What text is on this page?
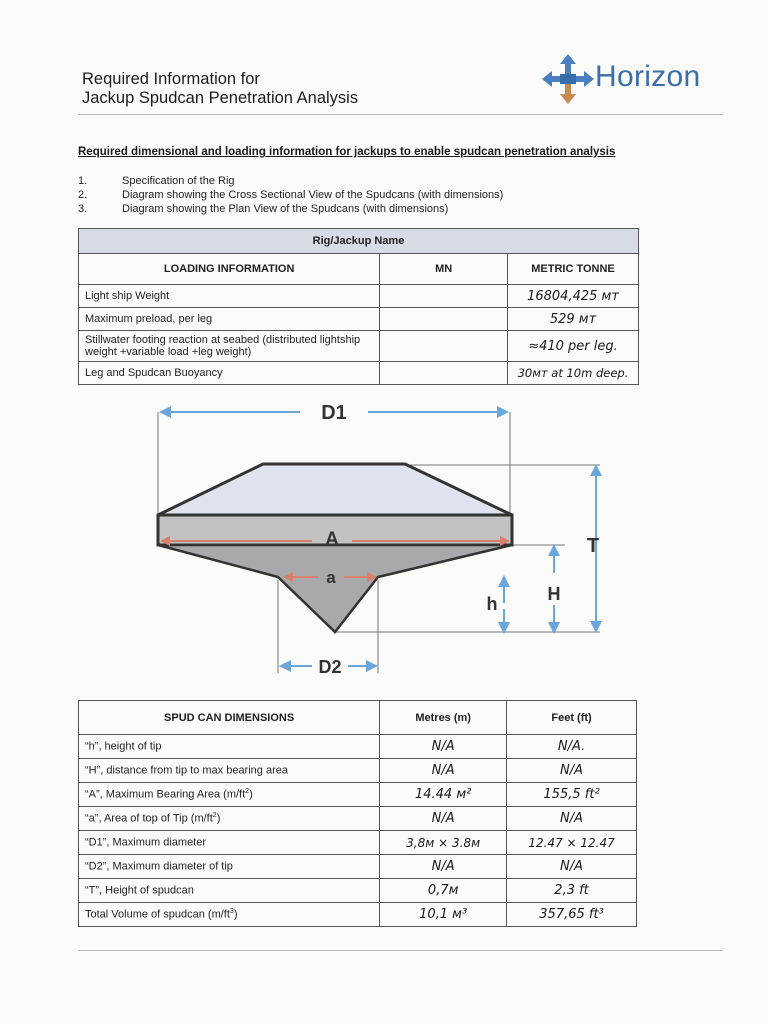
Required Information for
Jackup Spudcan Penetration Analysis
Horizon
Required dimensional and loading information for jackups to enable spudcan penetration analysis
1.	Specification of the Rig
2.	Diagram showing the Cross Sectional View of the Spudcans (with dimensions)
3.	Diagram showing the Plan View of the Spudcans (with dimensions)
Rig/Jackup Name		
LOADING INFORMATION	MN	METRIC TONNE
Light ship Weight		16804,425 мт
Maximum preload, per leg		529 мт
Stillwater footing reaction at seabed (distributed lightship weight +variable load +leg weight)		≈410 per leg.
Leg and Spudcan Buoyancy		30мт at 10m deep.
D1
A
a
T
H
h
D2
SPUD CAN DIMENSIONS	Metres (m)	Feet (ft)
“h”, height of tip	N/A	N/A.
“H”, distance from tip to max bearing area	N/A	N/A
“A”, Maximum Bearing Area $(m/ft^2)$	14.44 м²	155,5 ft²
“a”, Area of top of Tip $(m/ft^2)$	N/A	N/A
“D1”, Maximum diameter	3,8м × 3.8м	12.47 × 12.47
“D2”, Maximum diameter of tip	N/A	N/A
“T”, Height of spudcan	0,7м	2,3 ft
Total Volume of spudcan $(m/ft^3)$	10,1 м³	357,65 ft³
